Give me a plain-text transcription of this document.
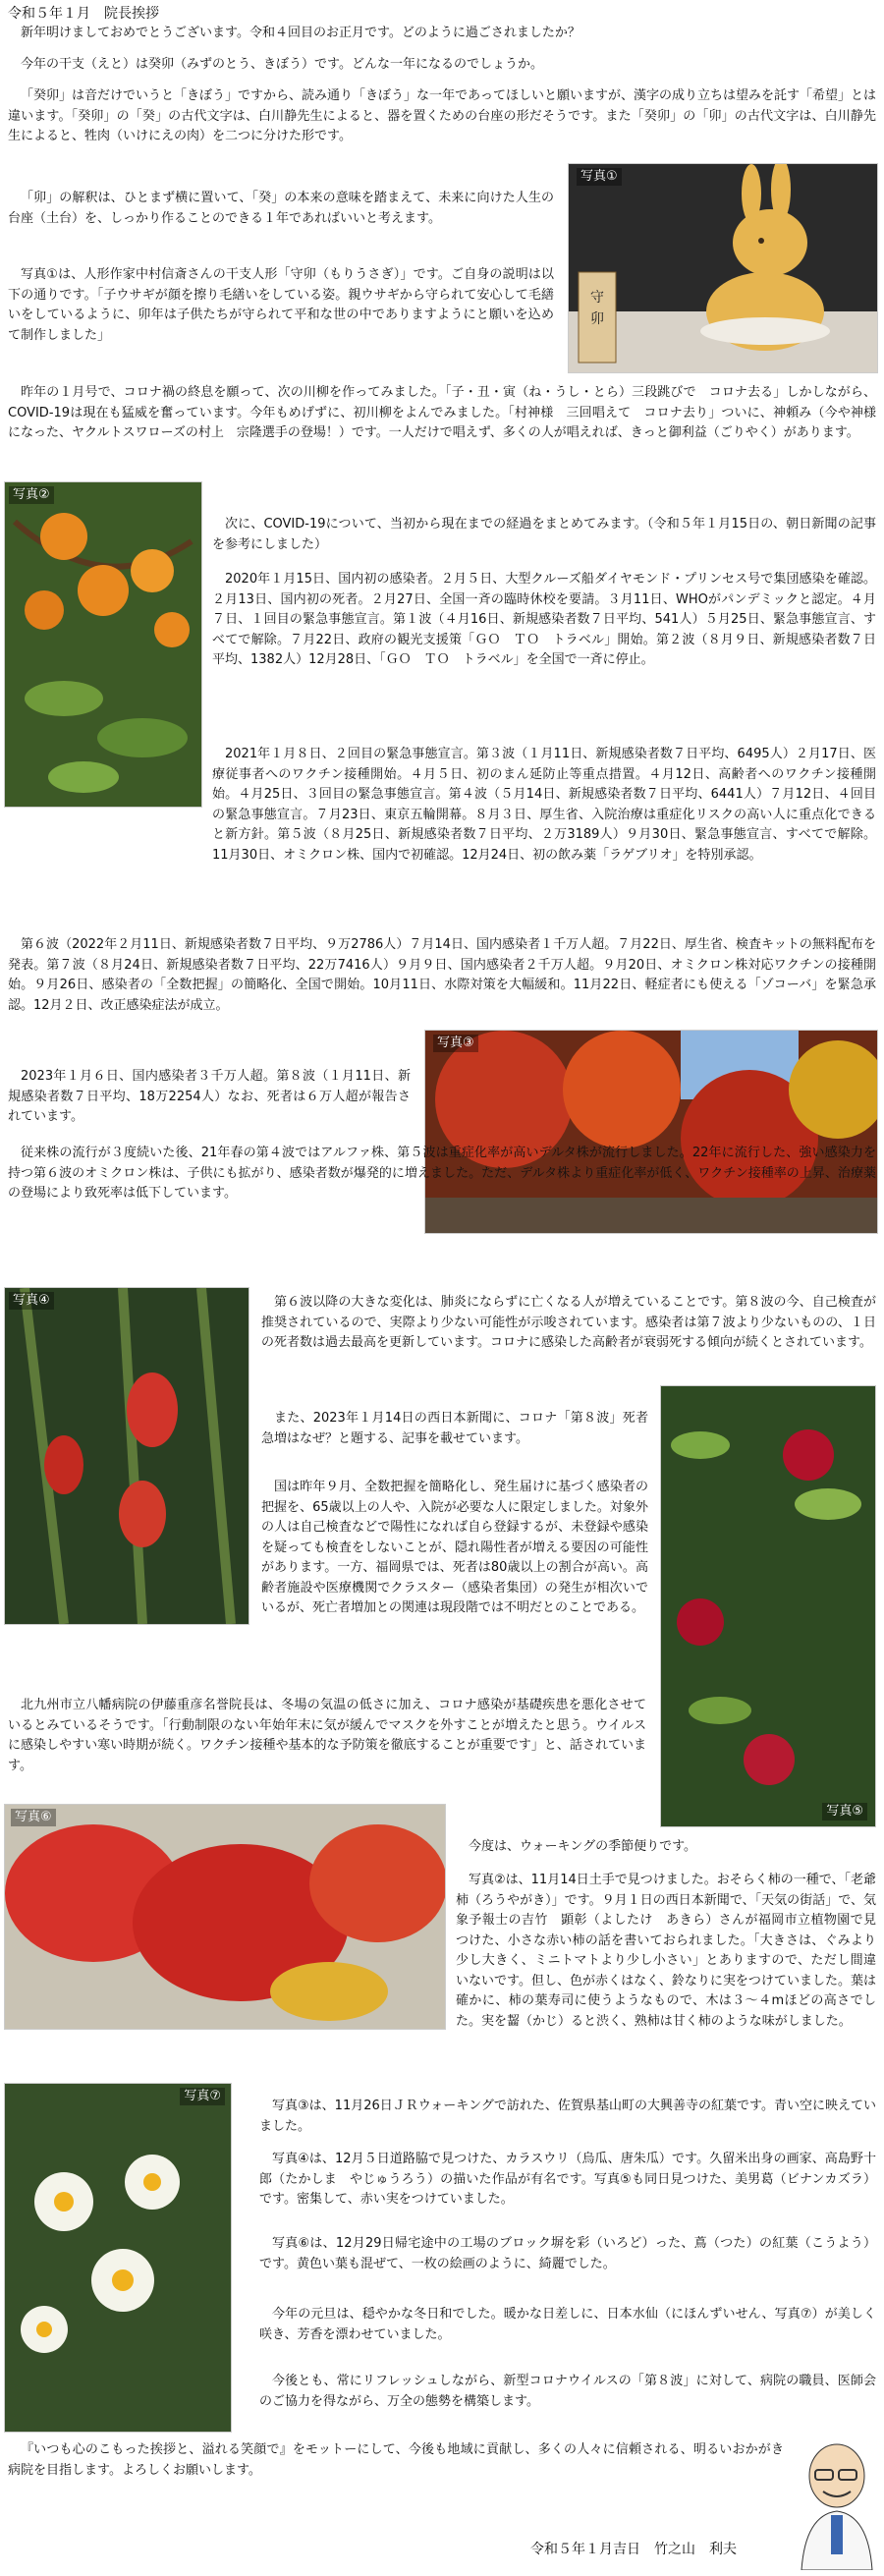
令和５年１月　院長挨拶

新年明けましておめでとうございます。令和４回目のお正月です。どのように過ごされましたか？

今年の干支（えと）は癸卯（みずのとう、きぼう）です。どんな一年になるのでしょうか。

「癸卯」は音だけでいうと「きぼう」ですから、読み通り「きぼう」な一年であってほしいと願いますが、漢字の成り立ちは望みを託す「希望」とは違います。「癸卯」の「癸」の古代文字は、白川静先生によると、器を置くための台座の形だそうです。また「癸卯」の「卯」の古代文字は、白川静先生によると、牲肉（いけにえの肉）を二つに分けた形です。

守
卯
写真①

「卯」の解釈は、ひとまず横に置いて、「癸」の本来の意味を踏まえて、未来に向けた人生の台座（土台）を、しっかり作ることのできる１年であればいいと考えます。

写真①は、人形作家中村信斎さんの干支人形「守卯（もりうさぎ）」です。ご自身の説明は以下の通りです。「子ウサギが顔を擦り毛繕いをしている姿。親ウサギから守られて安心して毛繕いをしているように、卯年は子供たちが守られて平和な世の中でありますようにと願いを込めて制作しました」

昨年の１月号で、コロナ禍の終息を願って、次の川柳を作ってみました。「子・丑・寅（ね・うし・とら）三段跳びで　コロナ去る」しかしながら、COVID-19は現在も猛威を奮っています。今年もめげずに、初川柳をよんでみました。「村神様　三回唱えて　コロナ去り」ついに、神頼み（今や神様になった、ヤクルトスワローズの村上　宗隆選手の登場！）です。一人だけで唱えず、多くの人が唱えれば、きっと御利益（ごりやく）があります。

写真②

次に、COVID-19について、当初から現在までの経過をまとめてみます。（令和５年１月15日の、朝日新聞の記事を参考にしました）

2020年１月15日、国内初の感染者。２月５日、大型クルーズ船ダイヤモンド・プリンセス号で集団感染を確認。２月13日、国内初の死者。２月27日、全国一斉の臨時休校を要請。３月11日、WHOがパンデミックと認定。４月７日、１回目の緊急事態宣言。第１波（４月16日、新規感染者数７日平均、541人）５月25日、緊急事態宣言、すべてで解除。７月22日、政府の観光支援策「ＧＯ　ＴＯ　トラベル」開始。第２波（８月９日、新規感染者数７日平均、1382人）12月28日、「ＧＯ　ＴＯ　トラベル」を全国で一斉に停止。

2021年１月８日、２回目の緊急事態宣言。第３波（１月11日、新規感染者数７日平均、6495人）２月17日、医療従事者へのワクチン接種開始。４月５日、初のまん延防止等重点措置。４月12日、高齢者へのワクチン接種開始。４月25日、３回目の緊急事態宣言。第４波（５月14日、新規感染者数７日平均、6441人）７月12日、４回目の緊急事態宣言。７月23日、東京五輪開幕。８月３日、厚生省、入院治療は重症化リスクの高い人に重点化できると新方針。第５波（８月25日、新規感染者数７日平均、２万3189人）９月30日、緊急事態宣言、すべてで解除。11月30日、オミクロン株、国内で初確認。12月24日、初の飲み薬「ラゲブリオ」を特別承認。

第６波（2022年２月11日、新規感染者数７日平均、９万2786人）７月14日、国内感染者１千万人超。７月22日、厚生省、検査キットの無料配布を発表。第７波（８月24日、新規感染者数７日平均、22万7416人）９月９日、国内感染者２千万人超。９月20日、オミクロン株対応ワクチンの接種開始。９月26日、感染者の「全数把握」の簡略化、全国で開始。10月11日、水際対策を大幅緩和。11月22日、軽症者にも使える「ゾコーバ」を緊急承認。12月２日、改正感染症法が成立。

写真③

2023年１月６日、国内感染者３千万人超。第８波（１月11日、新規感染者数７日平均、18万2254人）なお、死者は６万人超が報告されています。

従来株の流行が３度続いた後、21年春の第４波ではアルファ株、第５波は重症化率が高いデルタ株が流行しました。22年に流行した、強い感染力を持つ第６波のオミクロン株は、子供にも拡がり、感染者数が爆発的に増えました。ただ、デルタ株より重症化率が低く、ワクチン接種率の上昇、治療薬の登場により致死率は低下しています。

写真④	第６波以降の大きな変化は、肺炎にならずに亡くなる人が増えていることです。第８波の今、自己検査が推奨されているので、実際より少ない可能性が示唆されています。感染者は第７波より少ないものの、１日の死者数は過去最高を更新しています。コロナに感染した高齢者が衰弱死する傾向が続くとされています。

写真⑤

また、2023年１月14日の西日本新聞に、コロナ「第８波」死者急増はなぜ？と題する、記事を載せています。

国は昨年９月、全数把握を簡略化し、発生届けに基づく感染者の把握を、65歳以上の人や、入院が必要な人に限定しました。対象外の人は自己検査などで陽性になれば自ら登録するが、未登録や感染を疑っても検査をしないことが、隠れ陽性者が増える要因の可能性があります。一方、福岡県では、死者は80歳以上の割合が高い。高齢者施設や医療機関でクラスター（感染者集団）の発生が相次いでいるが、死亡者増加との関連は現段階では不明だとのことである。

北九州市立八幡病院の伊藤重彦名誉院長は、冬場の気温の低さに加え、コロナ感染が基礎疾患を悪化させているとみているそうです。「行動制限のない年始年末に気が緩んでマスクを外すことが増えたと思う。ウイルスに感染しやすい寒い時期が続く。ワクチン接種や基本的な予防策を徹底することが重要です」と、話されています。

写真⑥

今度は、ウォーキングの季節便りです。

写真②は、11月14日土手で見つけました。おそらく柿の一種で、「老爺柿（ろうやがき）」です。９月１日の西日本新聞で、「天気の街話」で、気象予報士の吉竹　顕彰（よしたけ　あきら）さんが福岡市立植物園で見つけた、小さな赤い柿の話を書いておられました。「大きさは、ぐみより少し大きく、ミニトマトより少し小さい」とありますので、ただし間違いないです。但し、色が赤くはなく、鈴なりに実をつけていました。葉は確かに、柿の葉寿司に使うようなもので、木は３～４mほどの高さでした。実を齧（かじ）ると渋く、熟柿は甘く柿のような味がしました。

写真③は、11月26日ＪＲウォーキングで訪れた、佐賀県基山町の大興善寺の紅葉です。青い空に映えていました。

写真⑦

写真④は、12月５日道路脇で見つけた、カラスウリ（烏瓜、唐朱瓜）です。久留米出身の画家、高島野十郎（たかしま　やじゅうろう）の描いた作品が有名です。写真⑤も同日見つけた、美男葛（ビナンカズラ）です。密集して、赤い実をつけていました。

写真⑥は、12月29日帰宅途中の工場のブロック塀を彩（いろど）った、蔦（つた）の紅葉（こうよう）です。黄色い葉も混ぜて、一枚の絵画のように、綺麗でした。

今年の元旦は、穏やかな冬日和でした。暖かな日差しに、日本水仙（にほんずいせん、写真⑦）が美しく咲き、芳香を漂わせていました。

今後とも、常にリフレッシュしながら、新型コロナウイルスの「第８波」に対して、病院の職員、医師会のご協力を得ながら、万全の態勢を構築します。

『いつも心のこもった挨拶と、溢れる笑顔で』をモットーにして、今後も地域に貢献し、多くの人々に信頼される、明るいおかがき病院を目指します。よろしくお願いします。

令和５年１月吉日　竹之山　利夫
